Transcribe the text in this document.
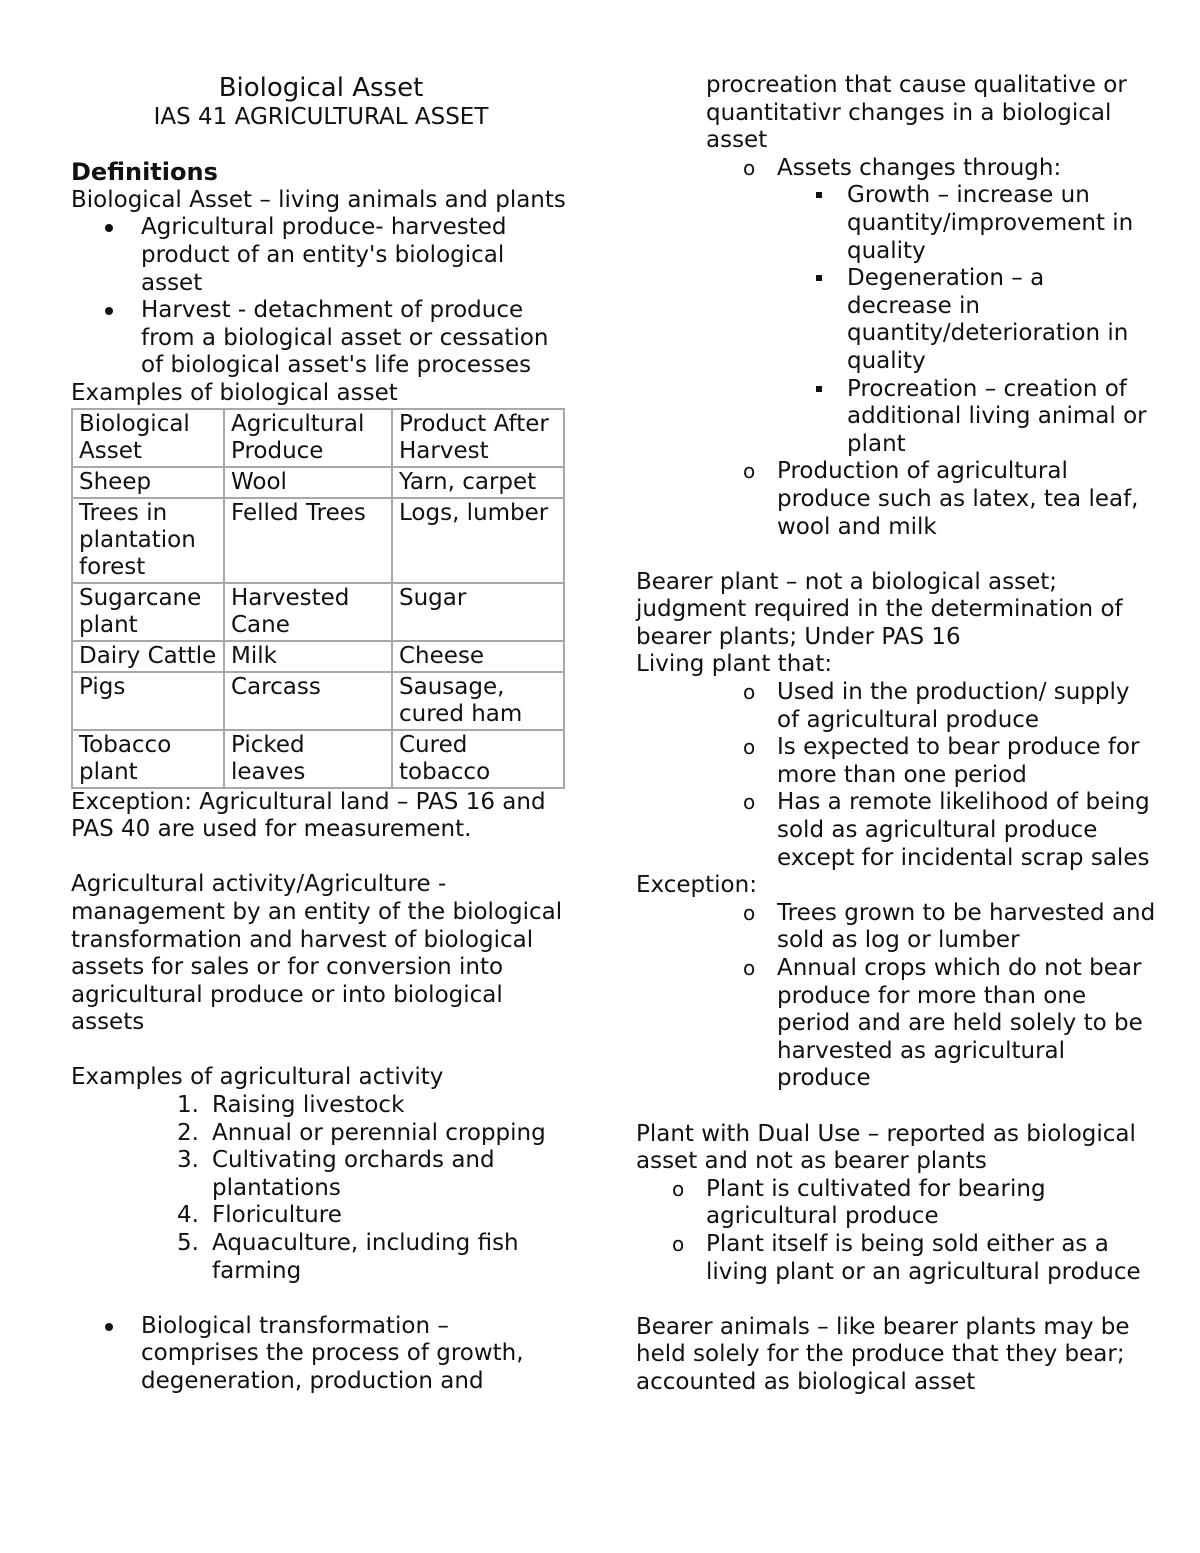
Biological Asset

IAS 41 AGRICULTURAL ASSET

Definitions

Biological Asset – living animals and plants

Agricultural produce- harvested product of an entity's biological asset
Harvest - detachment of produce from a biological asset or cessation of biological asset's life processes

Examples of biological asset

Biological Asset	Agricultural Produce	Product After Harvest
Sheep	Wool	Yarn, carpet
Trees in plantation forest	Felled Trees	Logs, lumber
Sugarcane plant	Harvested Cane	Sugar
Dairy Cattle	Milk	Cheese
Pigs	Carcass	Sausage, cured ham
Tobacco plant	Picked leaves	Cured tobacco

Exception: Agricultural land – PAS 16 and PAS 40 are used for measurement.

Agricultural activity/Agriculture - management by an entity of the biological transformation and harvest of biological assets for sales or for conversion into agricultural produce or into biological assets

Examples of agricultural activity

1. Raising livestock
2. Annual or perennial cropping
3. Cultivating orchards and plantations
4. Floriculture
5. Aquaculture, including fish farming
Biological transformation – comprises the process of growth, degeneration, production and

procreation that cause qualitative or quantitativr changes in a biological asset

o Assets changes through:
Growth – increase un quantity/improvement in quality
Degeneration – a decrease in quantity/deterioration in quality
Procreation – creation of additional living animal or plant
o Production of agricultural produce such as latex, tea leaf, wool and milk

Bearer plant – not a biological asset; judgment required in the determination of bearer plants; Under PAS 16

Living plant that:

o Used in the production/ supply of agricultural produce
o Is expected to bear produce for more than one period
o Has a remote likelihood of being sold as agricultural produce except for incidental scrap sales

Exception:

o Trees grown to be harvested and sold as log or lumber
o Annual crops which do not bear produce for more than one period and are held solely to be harvested as agricultural produce

Plant with Dual Use – reported as biological asset and not as bearer plants

o Plant is cultivated for bearing agricultural produce
o Plant itself is being sold either as a living plant or an agricultural produce

Bearer animals – like bearer plants may be held solely for the produce that they bear; accounted as biological asset
